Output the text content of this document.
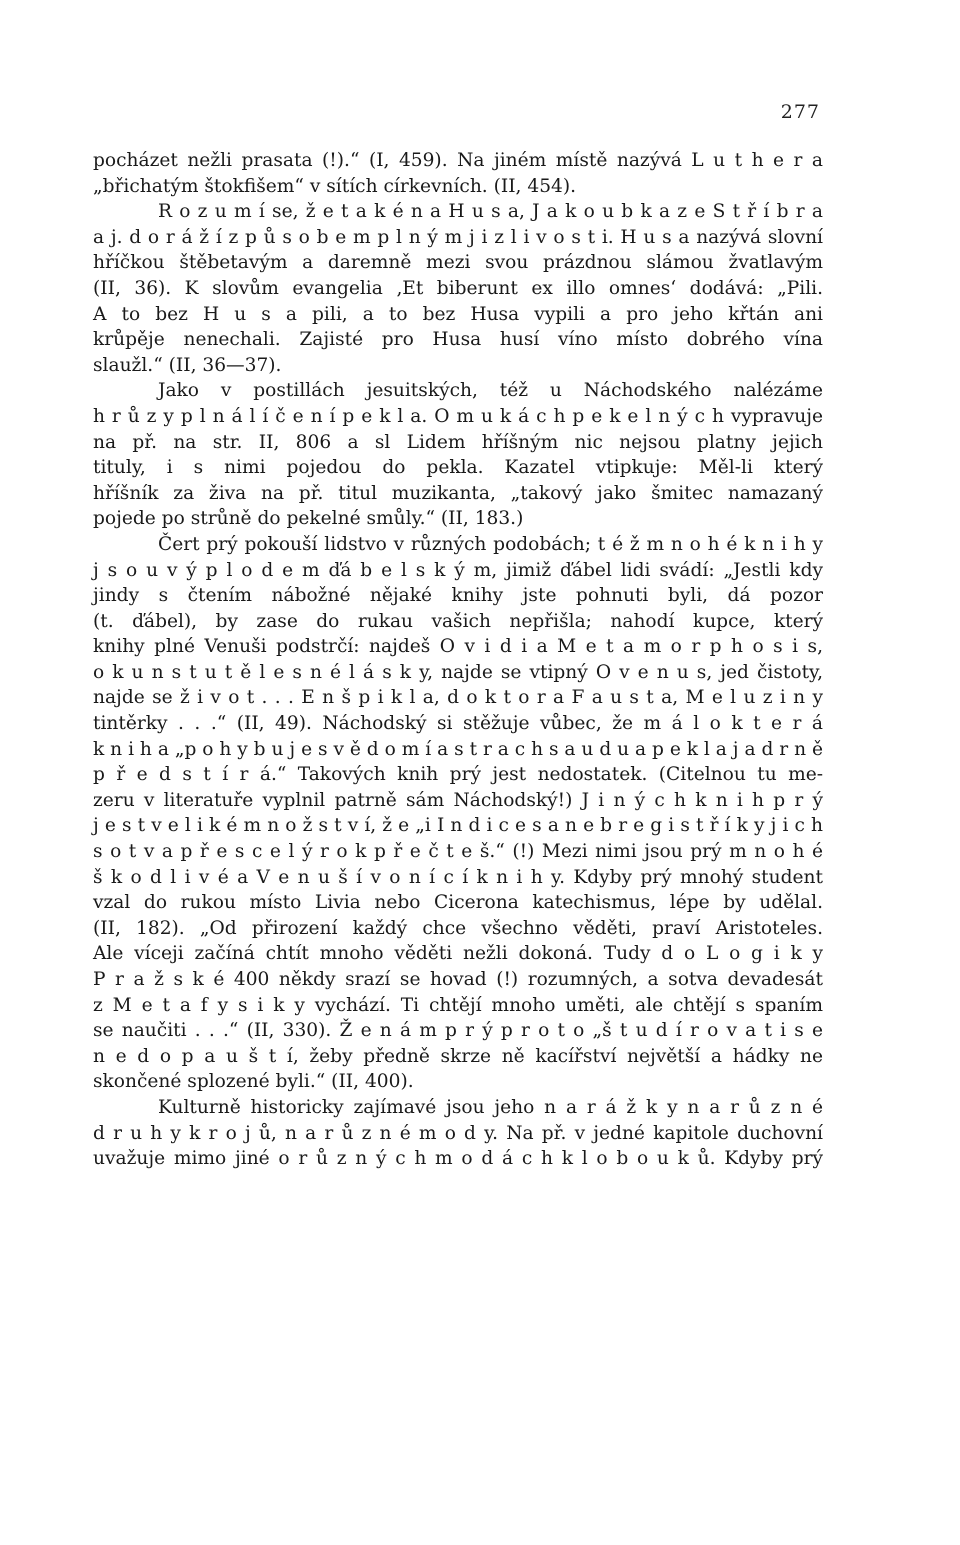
277
pocházet nežli prasata (!).“ (I, 459). Na jiném místě nazývá L u t h e r a
„břichatým štokfišem“ v sítích církevních. (II, 454).
R o z u m í se, ž e t a k é n a H u s a, J a k o u b k a z e S t ř í b r a
a j. d o r á ž í z p ů s o b e m p l n ý m j i z l i v o s t i. H u s a nazývá slovní
hříčkou štěbetavým a daremně mezi svou prázdnou slámou žvatlavým
(II, 36). K slovům evangelia ‚Et biberunt ex illo omnes‘ dodává: „Pili.
A to bez H u s a pili, a to bez Husa vypili a pro jeho křtán ani
krůpěje nenechali. Zajisté pro Husa husí víno místo dobrého vína
slaužl.“ (II, 36—37).
Jako v postillách jesuitských, též u Náchodského nalézáme
h r ů z y p l n á l í č e n í p e k l a. O m u k á c h p e k e l n ý c h vypravuje
na př. na str. II, 806 a sl Lidem hříšným nic nejsou platny jejich
tituly, i s nimi pojedou do pekla. Kazatel vtipkuje: Měl-li který
hříšník za živa na př. titul muzikanta, „takový jako šmitec namazaný
pojede po strůně do pekelné smůly.“ (II, 183.)
Čert prý pokouší lidstvo v různých podobách; t é ž m n o h é k n i h y
j s o u v ý p l o d e m ďá b e l s k ý m, jimiž ďábel lidi svádí: „Jestli kdy
jindy s čtením nábožné nějaké knihy jste pohnuti byli, dá pozor
(t. ďábel), by zase do rukau vašich nepřišla; nahodí kupce, který
knihy plné Venuši podstrčí: najdeš O v i d i a M e t a m o r p h o s i s,
o k u n s t u t ě l e s n é l á s k y, najde se vtipný O v e n u s, jed čistoty,
najde se ž i v o t . . . E n š p i k l a, d o k t o r a F a u s t a, M e l u z i n y
tintěrky . . .“ (II, 49). Náchodský si stěžuje vůbec, že m á l o k t e r á
k n i h a „p o h y b u j e s v ě d o m í a s t r a c h s a u d u a p e k l a j a d r n ě
p ř e d s t í r á.“ Takových knih prý jest nedostatek. (Citelnou tu me-
zeru v literatuře vyplnil patrně sám Náchodský!) J i n ý c h k n i h p r ý
j e s t v e l i k é m n o ž s t v í, ž e „i I n d i c e s a n e b r e g i s t ř í k y j i c h
s o t v a p ř e s c e l ý r o k p ř e č t e š.“ (!) Mezi nimi jsou prý m n o h é
š k o d l i v é a V e n u š í v o n í c í k n i h y. Kdyby prý mnohý student
vzal do rukou místo Livia nebo Cicerona katechismus, lépe by udělal.
(II, 182). „Od přirození každý chce všechno věděti, praví Aristoteles.
Ale víceji začíná chtít mnoho věděti nežli dokoná. Tudy d o L o g i k y
P r a ž s k é 400 někdy srazí se hovad (!) rozumných, a sotva devadesát
z M e t a f y s i k y vychází. Ti chtějí mnoho uměti, ale chtějí s spaním
se naučiti . . .“ (II, 330). Ž e n á m p r ý p r o t o „š t u d í r o v a t i s e
n e d o p a u š t í, žeby předně skrze ně kacířství největší a hádky ne
skončené splozené byli.“ (II, 400).
Kulturně historicky zajímavé jsou jeho n a r á ž k y n a r ů z n é
d r u h y k r o j ů, n a r ů z n é m o d y. Na př. v jedné kapitole duchovní
uvažuje mimo jiné o r ů z n ý c h m o d á c h k l o b o u k ů. Kdyby prý
